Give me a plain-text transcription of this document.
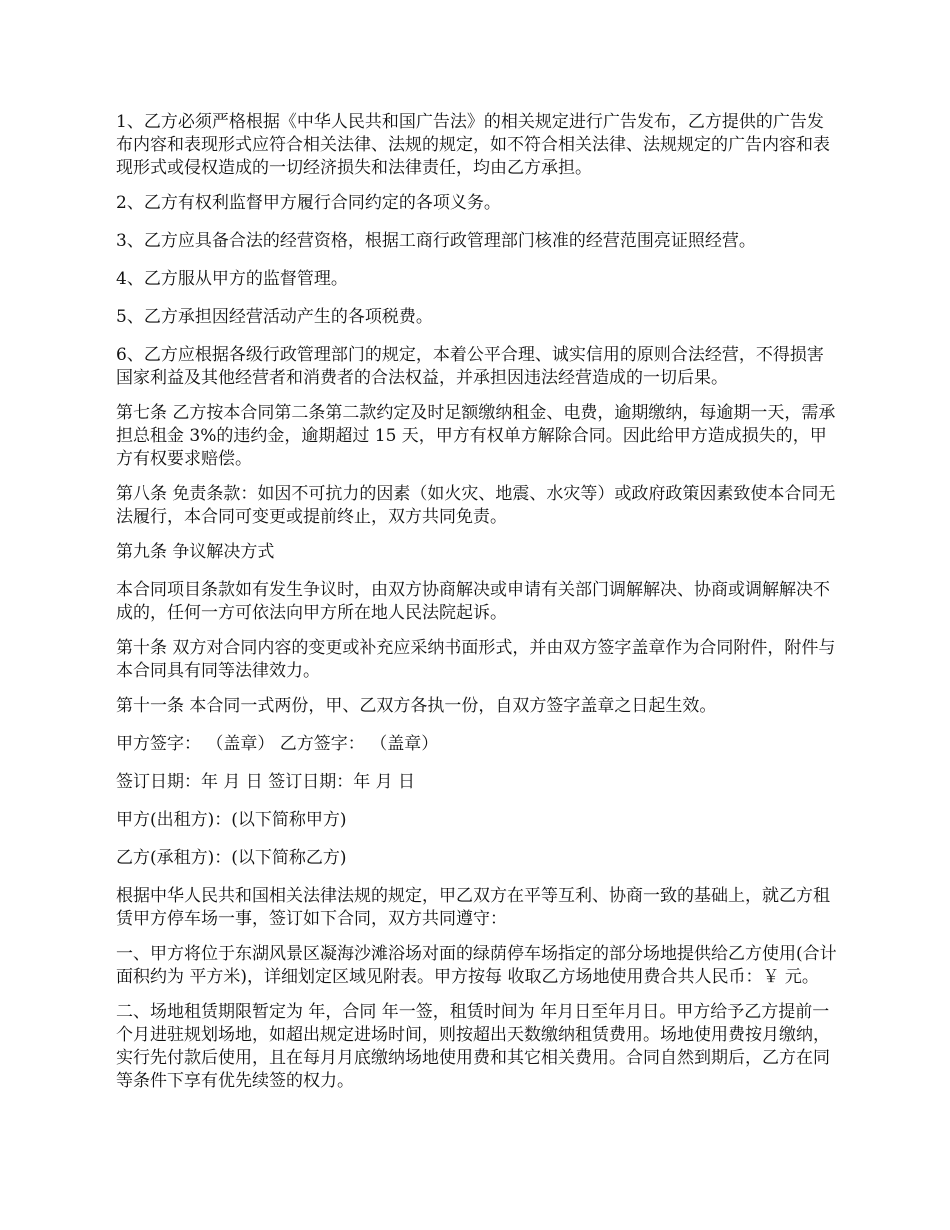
1、乙方必须严格根据《中华人民共和国广告法》的相关规定进行广告发布，乙方提供的广告发布内容和表现形式应符合相关法律、法规的规定，如不符合相关法律、法规规定的广告内容和表现形式或侵权造成的一切经济损失和法律责任，均由乙方承担。

2、乙方有权利监督甲方履行合同约定的各项义务。

3、乙方应具备合法的经营资格，根据工商行政管理部门核准的经营范围亮证照经营。

4、乙方服从甲方的监督管理。

5、乙方承担因经营活动产生的各项税费。

6、乙方应根据各级行政管理部门的规定，本着公平合理、诚实信用的原则合法经营，不得损害国家利益及其他经营者和消费者的合法权益，并承担因违法经营造成的一切后果。

第七条 乙方按本合同第二条第二款约定及时足额缴纳租金、电费，逾期缴纳，每逾期一天，需承担总租金 3%的违约金，逾期超过 15 天，甲方有权单方解除合同。因此给甲方造成损失的，甲方有权要求赔偿。

第八条 免责条款：如因不可抗力的因素（如火灾、地震、水灾等）或政府政策因素致使本合同无法履行，本合同可变更或提前终止，双方共同免责。

第九条 争议解决方式

本合同项目条款如有发生争议时，由双方协商解决或申请有关部门调解解决、协商或调解解决不成的，任何一方可依法向甲方所在地人民法院起诉。

第十条 双方对合同内容的变更或补充应采纳书面形式，并由双方签字盖章作为合同附件，附件与本合同具有同等法律效力。

第十一条 本合同一式两份，甲、乙双方各执一份，自双方签字盖章之日起生效。

甲方签字： （盖章） 乙方签字： （盖章）

签订日期：年 月 日 签订日期：年 月 日

甲方(出租方)：(以下简称甲方)

乙方(承租方)：(以下简称乙方)

根据中华人民共和国相关法律法规的规定，甲乙双方在平等互利、协商一致的基础上，就乙方租赁甲方停车场一事，签订如下合同，双方共同遵守：

一、甲方将位于东湖风景区凝海沙滩浴场对面的绿荫停车场指定的部分场地提供给乙方使用(合计面积约为 平方米)，详细划定区域见附表。甲方按每 收取乙方场地使用费合共人民币：￥ 元。

二、场地租赁期限暂定为 年，合同 年一签，租赁时间为 年月日至年月日。甲方给予乙方提前一个月进驻规划场地，如超出规定进场时间，则按超出天数缴纳租赁费用。场地使用费按月缴纳，实行先付款后使用，且在每月月底缴纳场地使用费和其它相关费用。合同自然到期后，乙方在同等条件下享有优先续签的权力。
